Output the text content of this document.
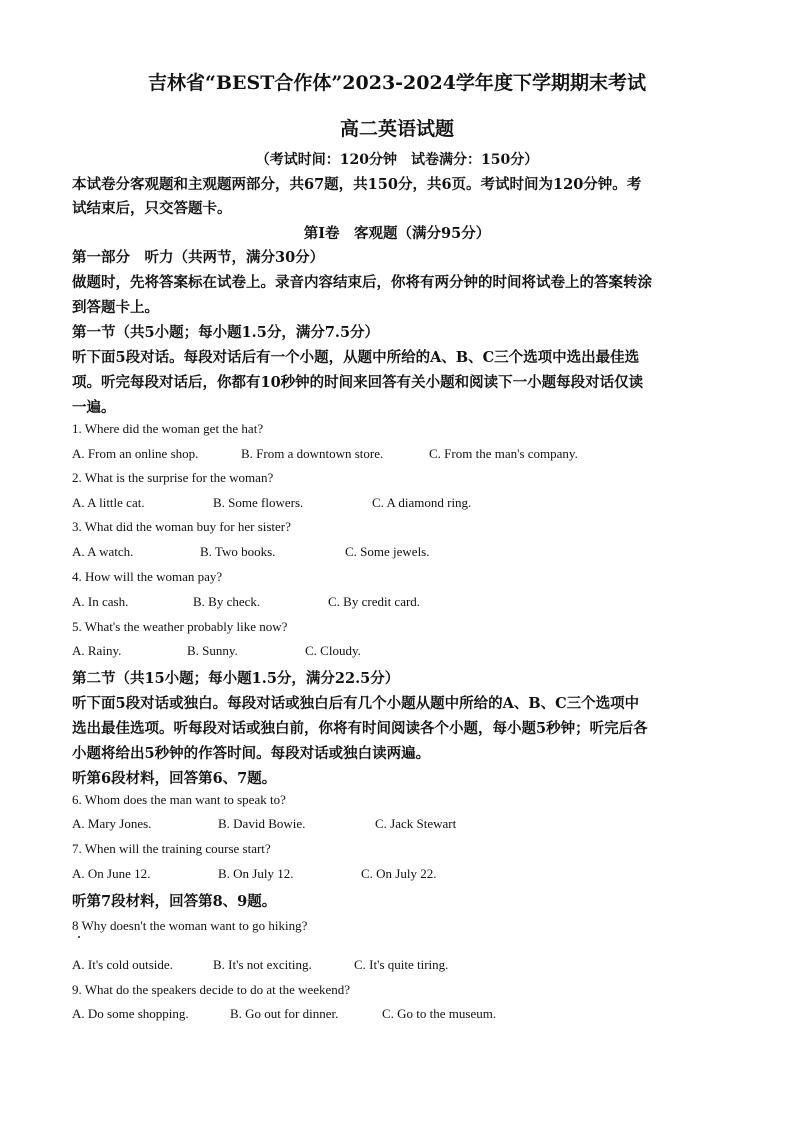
吉林省“BEST合作体”2023-2024学年度下学期期末考试
高二英语试题
（考试时间：120分钟　试卷满分：150分）
本试卷分客观题和主观题两部分，共67题，共150分，共6页。考试时间为120分钟。考
试结束后，只交答题卡。
第Ⅰ卷　客观题（满分95分）
第一部分　听力（共两节，满分30分）
做题时，先将答案标在试卷上。录音内容结束后，你将有两分钟的时间将试卷上的答案转涂
到答题卡上。
第一节（共5小题；每小题1.5分，满分7.5分）
听下面5段对话。每段对话后有一个小题，从题中所给的A、B、C三个选项中选出最佳选
项。听完每段对话后，你都有10秒钟的时间来回答有关小题和阅读下一小题每段对话仅读
一遍。
1. Where did the woman get the hat?
A. From an online shop.	B. From a downtown store.	C. From the man's company.
2. What is the surprise for the woman?
A. A little cat.	B. Some flowers.	C. A diamond ring.
3. What did the woman buy for her sister?
A. A watch.	B. Two books.	C. Some jewels.
4. How will the woman pay?
A. In cash.	B. By check.	C. By credit card.
5. What's the weather probably like now?
A. Rainy.	B. Sunny.	C. Cloudy.
第二节（共15小题；每小题1.5分，满分22.5分）
听下面5段对话或独白。每段对话或独白后有几个小题从题中所给的A、B、C三个选项中
选出最佳选项。听每段对话或独白前，你将有时间阅读各个小题，每小题5秒钟；听完后各
小题将给出5秒钟的作答时间。每段对话或独白读两遍。
听第6段材料，回答第6、7题。
6. Whom does the man want to speak to?
A. Mary Jones.	B. David Bowie.	C. Jack Stewart
7. When will the training course start?
A. On June 12.	B. On July 12.	C. On July 22.
听第7段材料，回答第8、9题。
8 Why doesn't the woman want to go hiking?
A. It's cold outside.	B. It's not exciting.	C. It's quite tiring.
9. What do the speakers decide to do at the weekend?
A. Do some shopping.	B. Go out for dinner.	C. Go to the museum.
